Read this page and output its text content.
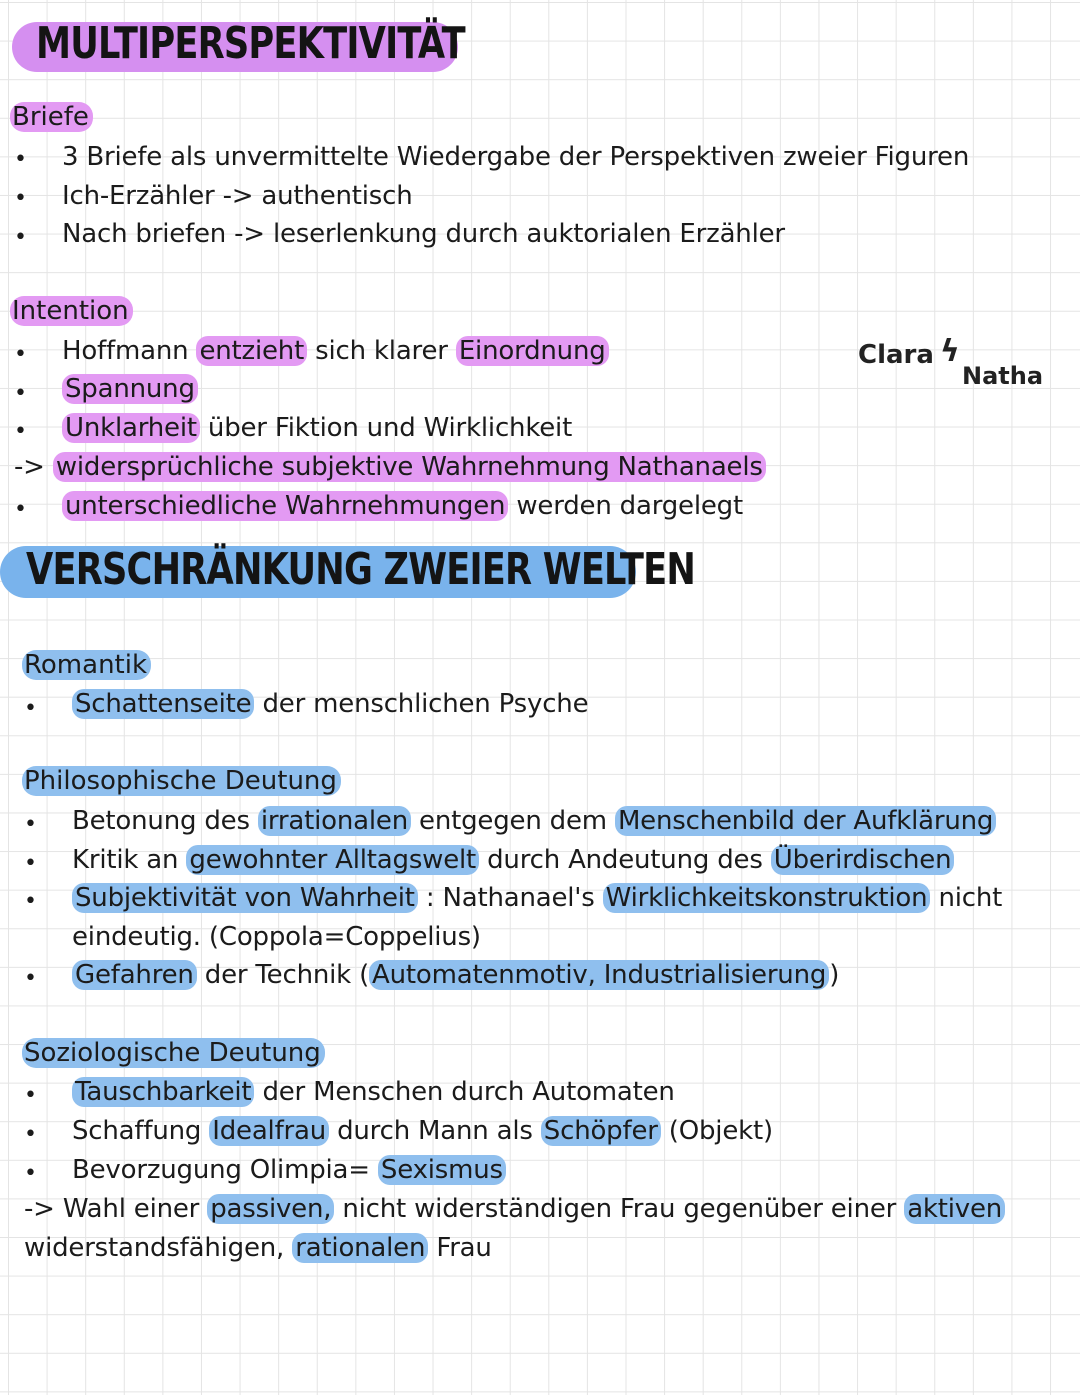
MULTIPERSPEKTIVITÄT
Briefe
• 3 Briefe als unvermittelte Wiedergabe der Perspektiven zweier Figuren
• Ich-Erzähler -> authentisch
• Nach briefen -> leserlenkung durch auktorialen Erzähler
Intention
• Hoffmann entzieht sich klarer Einordnung
• Spannung
• Unklarheit über Fiktion und Wirklichkeit
-> widersprüchliche subjektive Wahrnehmung Nathanaels
• unterschiedliche Wahrnehmungen werden dargelegt
Clara ϟ
Natha
VERSCHRÄNKUNG ZWEIER WELTEN
Romantik
• Schattenseite der menschlichen Psyche
Philosophische Deutung
• Betonung des irrationalen entgegen dem Menschenbild der Aufklärung
• Kritik an gewohnter Alltagswelt durch Andeutung des Überirdischen
• Subjektivität von Wahrheit : Nathanael's Wirklichkeitskonstruktion nicht
eindeutig. (Coppola=Coppelius)
• Gefahren der Technik ( Automatenmotiv, Industrialisierung )
Soziologische Deutung
• Tauschbarkeit der Menschen durch Automaten
• Schaffung Idealfrau durch Mann als Schöpfer (Objekt)
• Bevorzugung Olimpia= Sexismus
-> Wahl einer passiven, nicht widerständigen Frau gegenüber einer aktiven
widerstandsfähigen, rationalen Frau
